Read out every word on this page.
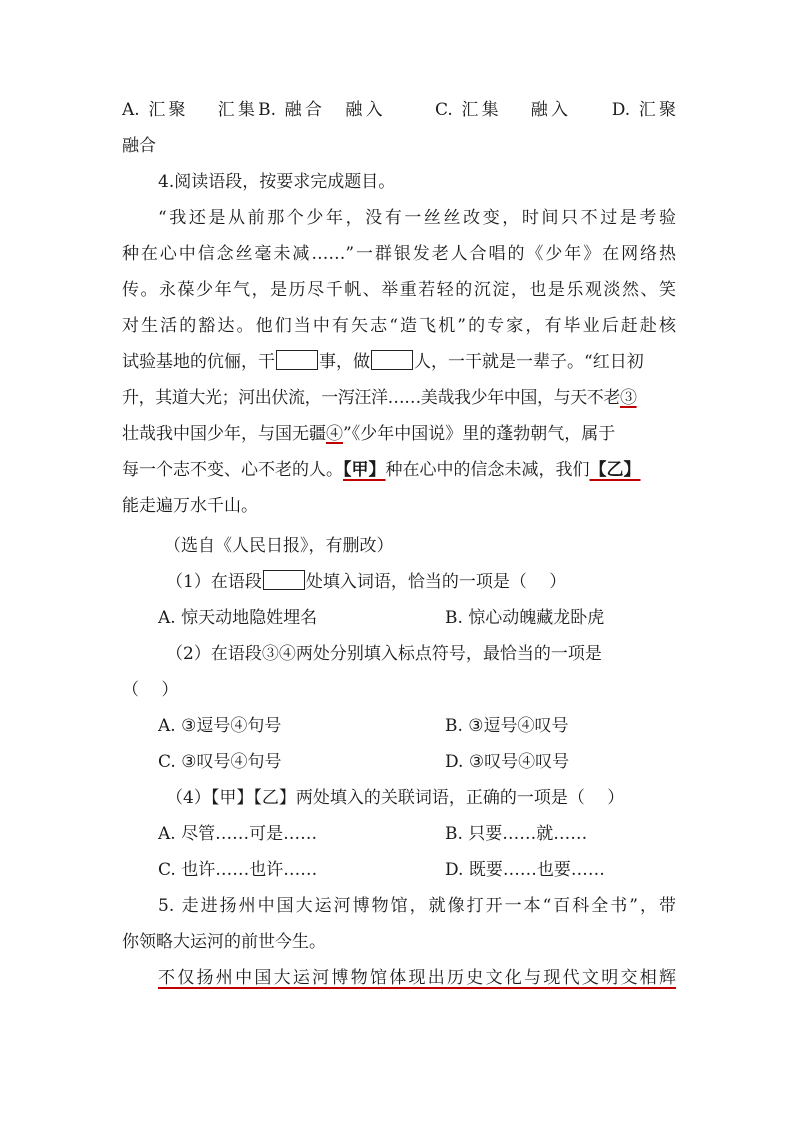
A. 汇聚　 汇集B. 融合　融入　　 C. 汇集　 融入　　D. 汇聚
融合
4.阅读语段，按要求完成题目。
“我还是从前那个少年，没有一丝丝改变，时间只不过是考验
种在心中信念丝毫未减……”一群银发老人合唱的《少年》在网络热
传。永葆少年气，是历尽千帆、举重若轻的沉淀，也是乐观淡然、笑
对生活的豁达。他们当中有矢志“造飞机”的专家，有毕业后赶赴核
试验基地的伉俪，干	事，做	人，一干就是一辈子。“红日初
升，其道大光；河出伏流，一泻汪洋……美哉我少年中国，与天不老③
壮哉我中国少年，与国无疆④”《少年中国说》里的蓬勃朝气，属于
每一个志不变、心不老的人。【甲】种在心中的信念未减，我们【乙】
能走遍万水千山。
（选自《人民日报》，有删改）
（1）在语段	处填入词语，恰当的一项是（　 ）
A. 惊天动地隐姓埋名	B. 惊心动魄藏龙卧虎
（2）在语段③④两处分别填入标点符号，最恰当的一项是
（　 ）
A. ③逗号④句号	B. ③逗号④叹号
C. ③叹号④句号	D. ③叹号④叹号
（4）【甲】【乙】两处填入的关联词语，正确的一项是（　 ）
A. 尽管……可是……	B. 只要……就……
C. 也许……也许……	D. 既要……也要……
5. 走进扬州中国大运河博物馆，就像打开一本“百科全书”，带
你领略大运河的前世今生。
不仅扬州中国大运河博物馆体现出历史文化与现代文明交相辉
